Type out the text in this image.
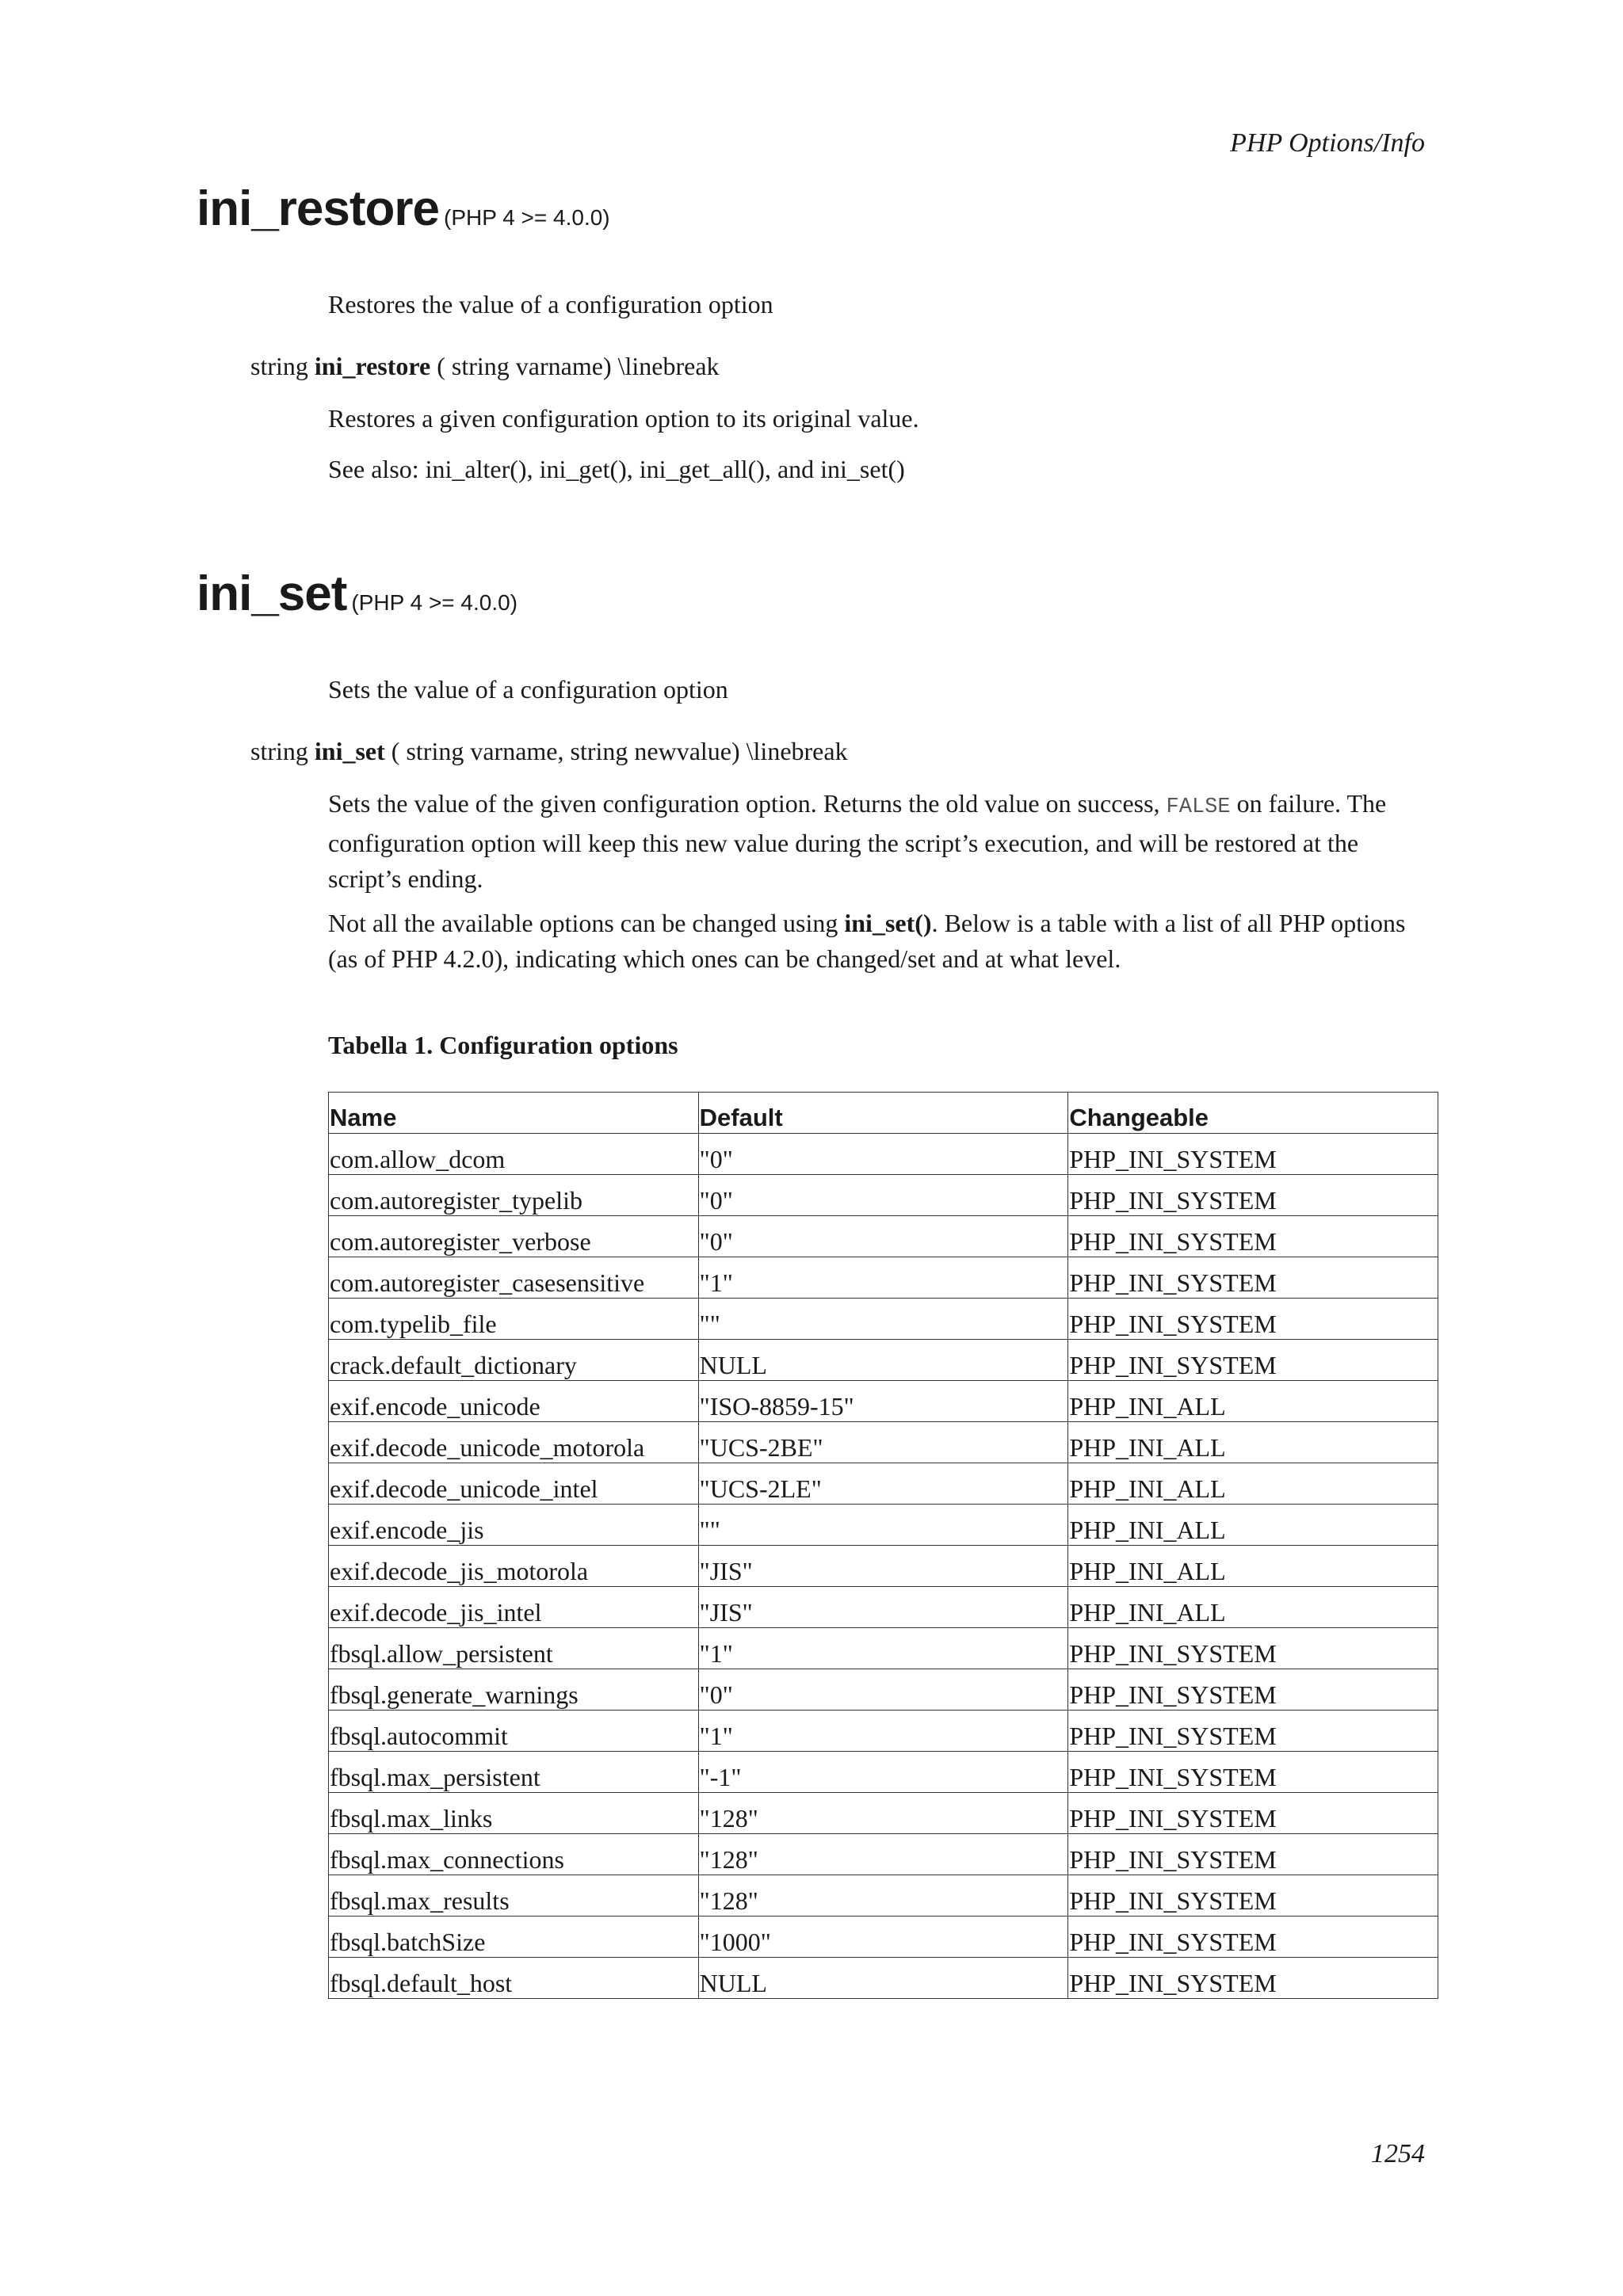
PHP Options/Info
ini_restore (PHP 4 >= 4.0.0)
Restores the value of a configuration option
string ini_restore ( string varname) \linebreak
Restores a given configuration option to its original value.
See also: ini_alter(), ini_get(), ini_get_all(), and ini_set()
ini_set (PHP 4 >= 4.0.0)
Sets the value of a configuration option
string ini_set ( string varname, string newvalue) \linebreak
Sets the value of the given configuration option. Returns the old value on success, FALSE on failure. The configuration option will keep this new value during the script’s execution, and will be restored at the script’s ending.
Not all the available options can be changed using ini_set(). Below is a table with a list of all PHP options (as of PHP 4.2.0), indicating which ones can be changed/set and at what level.
Tabella 1. Configuration options
Name	Default	Changeable
com.allow_dcom	"0"	PHP_INI_SYSTEM
com.autoregister_typelib	"0"	PHP_INI_SYSTEM
com.autoregister_verbose	"0"	PHP_INI_SYSTEM
com.autoregister_casesensitive	"1"	PHP_INI_SYSTEM
com.typelib_file	""	PHP_INI_SYSTEM
crack.default_dictionary	NULL	PHP_INI_SYSTEM
exif.encode_unicode	"ISO-8859-15"	PHP_INI_ALL
exif.decode_unicode_motorola	"UCS-2BE"	PHP_INI_ALL
exif.decode_unicode_intel	"UCS-2LE"	PHP_INI_ALL
exif.encode_jis	""	PHP_INI_ALL
exif.decode_jis_motorola	"JIS"	PHP_INI_ALL
exif.decode_jis_intel	"JIS"	PHP_INI_ALL
fbsql.allow_persistent	"1"	PHP_INI_SYSTEM
fbsql.generate_warnings	"0"	PHP_INI_SYSTEM
fbsql.autocommit	"1"	PHP_INI_SYSTEM
fbsql.max_persistent	"-1"	PHP_INI_SYSTEM
fbsql.max_links	"128"	PHP_INI_SYSTEM
fbsql.max_connections	"128"	PHP_INI_SYSTEM
fbsql.max_results	"128"	PHP_INI_SYSTEM
fbsql.batchSize	"1000"	PHP_INI_SYSTEM
fbsql.default_host	NULL	PHP_INI_SYSTEM
1254
